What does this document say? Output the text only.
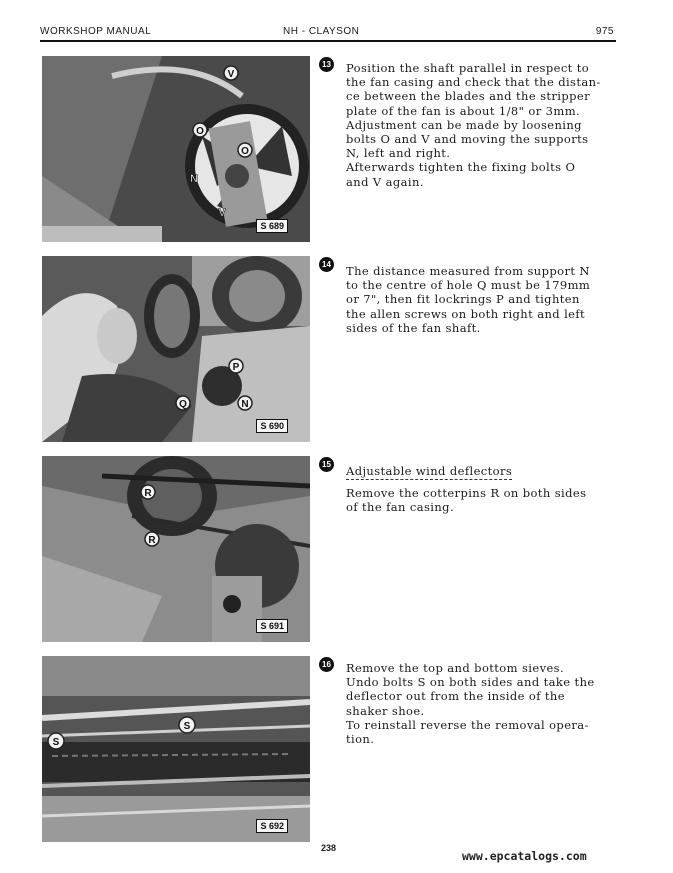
WORKSHOP MANUAL	NH - CLAYSON	975
V
O
O
N
V
S 689
13 Position the shaft parallel in respect to

the fan casing and check that the distan-

ce between the blades and the stripper

plate of the fan is about 1/8" or 3mm.

Adjustment can be made by loosening

bolts O and V and moving the supports

N, left and right.

Afterwards tighten the fixing bolts O

and V again.

P
Q	N
S 690
14 The distance measured from support N

to the centre of hole Q must be 179mm

or 7", then fit lockrings P and tighten

the allen screws on both right and left

sides of the fan shaft.

R
R
S 691
15 Adjustable wind deflectors

Remove the cotterpins R on both sides

of the fan casing.

S
S
S 692
16 Remove the top and bottom sieves.

Undo bolts S on both sides and take the

deflector out from the inside of the

shaker shoe.

To reinstall reverse the removal opera-

tion.

238
www.epcatalogs.com
